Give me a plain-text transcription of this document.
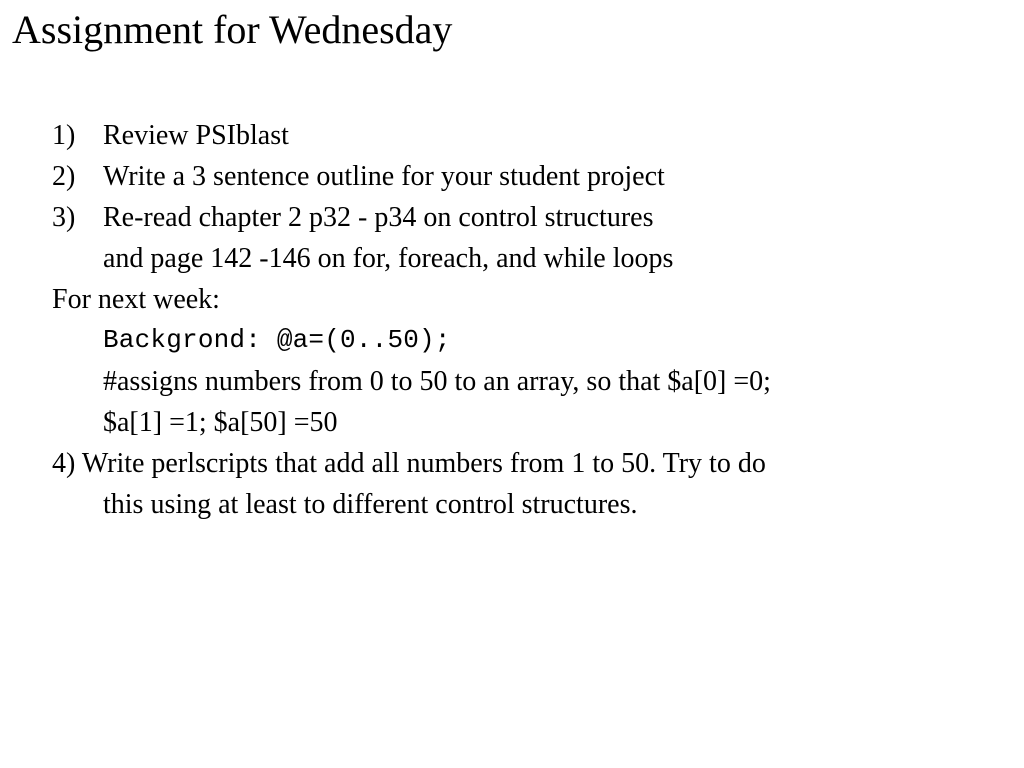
Assignment for Wednesday
1) Review PSIblast
2) Write a 3 sentence outline for your student project
3) Re-read chapter 2 p32 - p34 on control structures
and page 142 -146 on for, foreach, and while loops
For next week:
Backgrond: @a=(0..50);
#assigns numbers from 0 to 50 to an array, so that $a[0] =0;
$a[1] =1; $a[50] =50
4) Write perlscripts that add all numbers from 1 to 50. Try to do
this using at least to different control structures.
